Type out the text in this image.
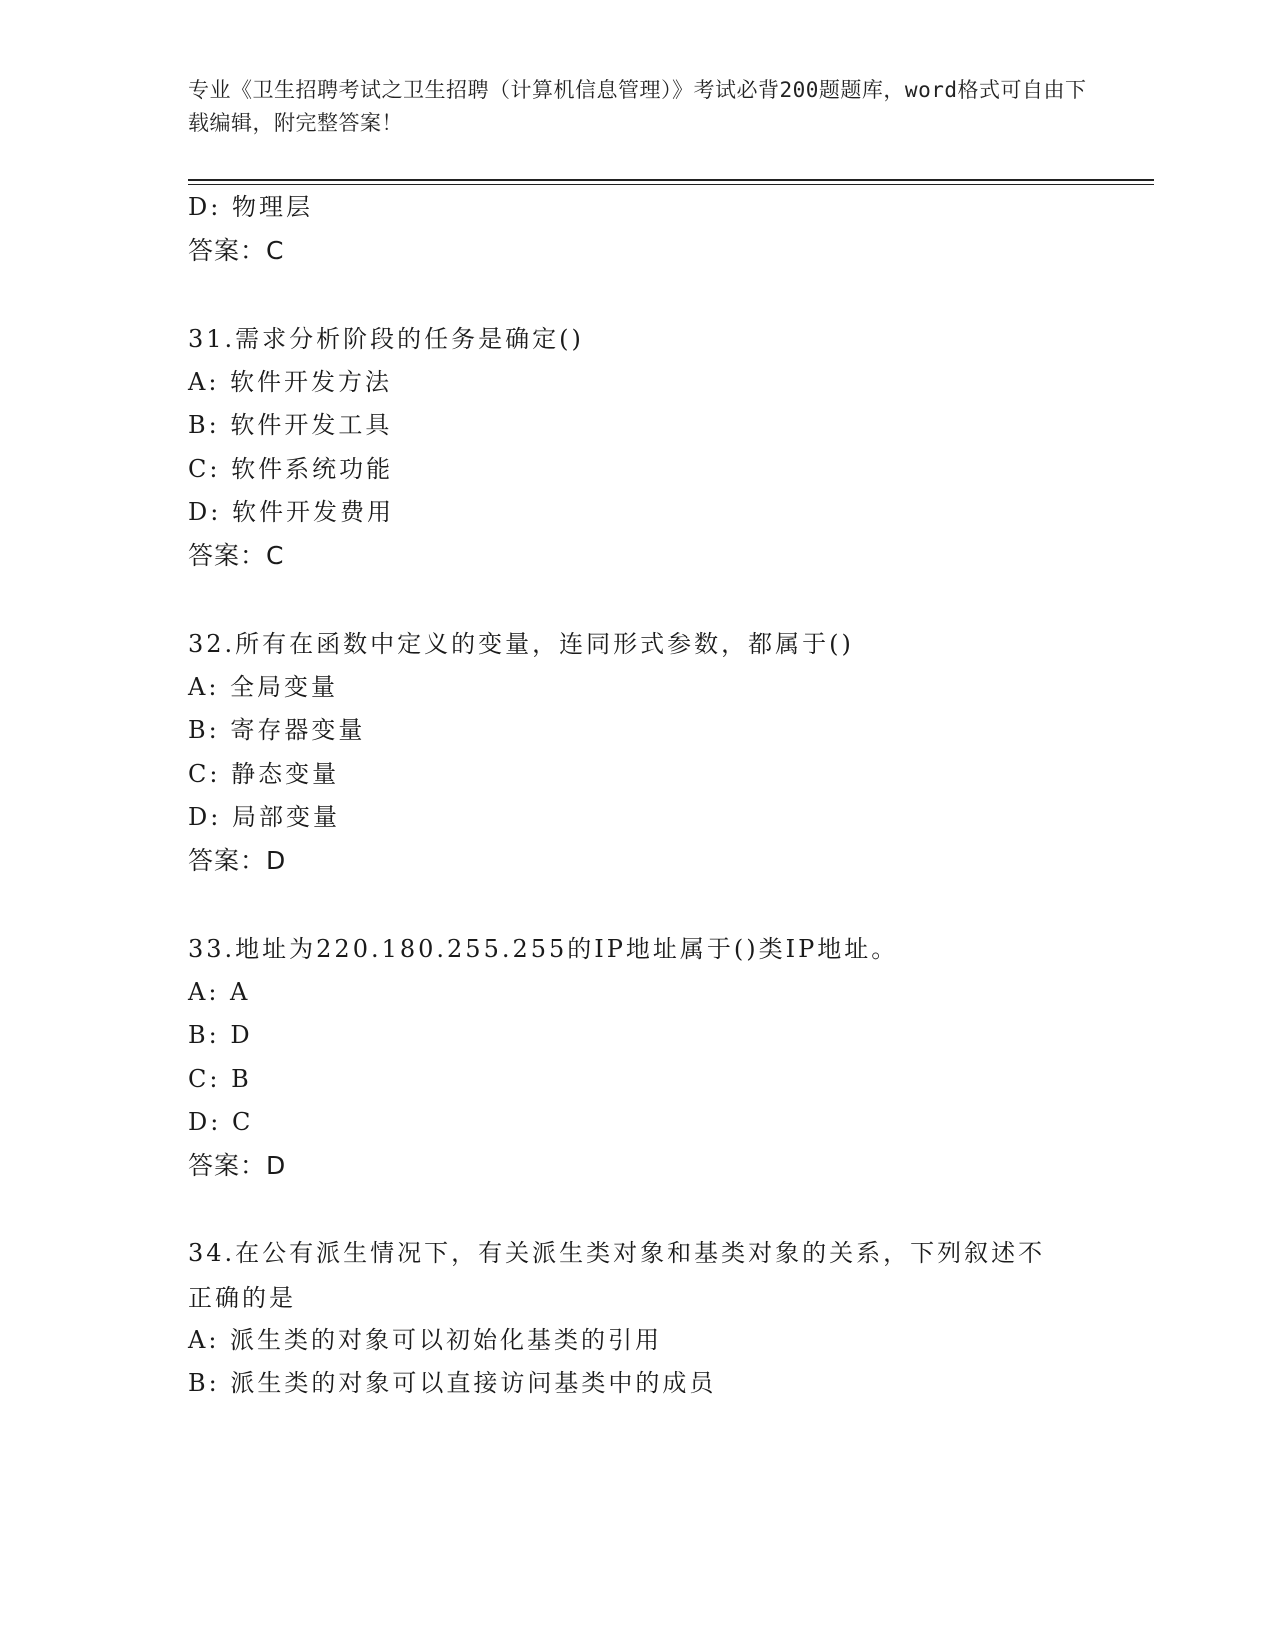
专业《卫生招聘考试之卫生招聘（计算机信息管理）》考试必背200题题库，word格式可自由下载编辑，附完整答案！
D: 物理层
答案：C
31.需求分析阶段的任务是确定()
A: 软件开发方法
B: 软件开发工具
C: 软件系统功能
D: 软件开发费用
答案：C
32.所有在函数中定义的变量，连同形式参数，都属于()
A: 全局变量
B: 寄存器变量
C: 静态变量
D: 局部变量
答案：D
33.地址为220.180.255.255的IP地址属于()类IP地址。
A: A
B: D
C: B
D: C
答案：D
34.在公有派生情况下，有关派生类对象和基类对象的关系，下列叙述不正确的是
A: 派生类的对象可以初始化基类的引用
B: 派生类的对象可以直接访问基类中的成员
